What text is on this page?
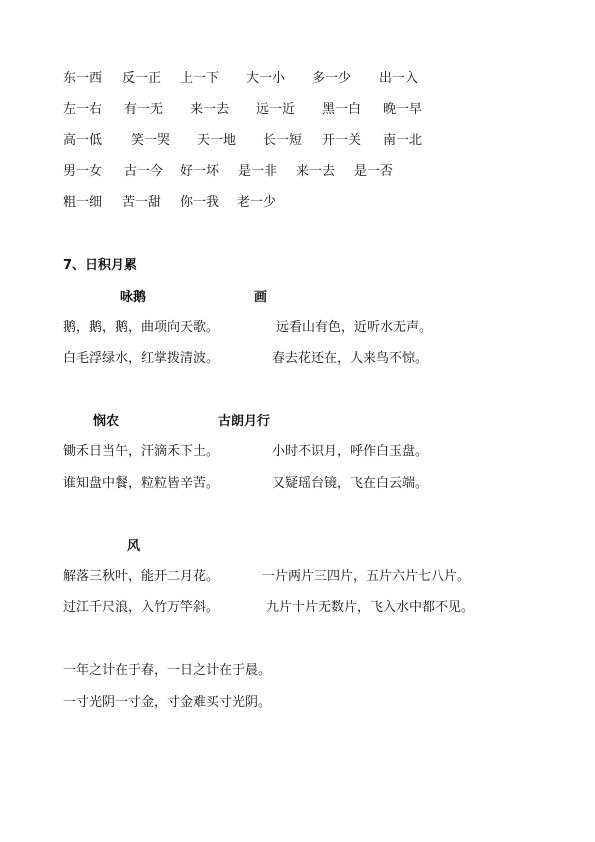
东一西 反一正 上一下 大一小 多一少 出一入
左一右 有一无 来一去 远一近 黑一白 晚一早
高一低 笑一哭 天一地 长一短 开一关 南一北
男一女 古一今 好一坏 是一非 来一去 是一否
粗一细 苦一甜 你一我 老一少
7、日积月累
咏鹅	画
鹅，鹅，鹅，曲项向天歌。	远看山有色，近听水无声。
白毛浮绿水，红掌拨清波。	春去花还在，人来鸟不惊。
悯农	古朗月行
锄禾日当午，汗滴禾下土。	小时不识月，呼作白玉盘。
谁知盘中餐，粒粒皆辛苦。	又疑瑶台镜，飞在白云端。
风
解落三秋叶，能开二月花。	一片两片三四片，五片六片七八片。
过江千尺浪，入竹万竿斜。	九片十片无数片，飞入水中都不见。
一年之计在于春，一日之计在于晨。
一寸光阴一寸金，寸金难买寸光阴。
